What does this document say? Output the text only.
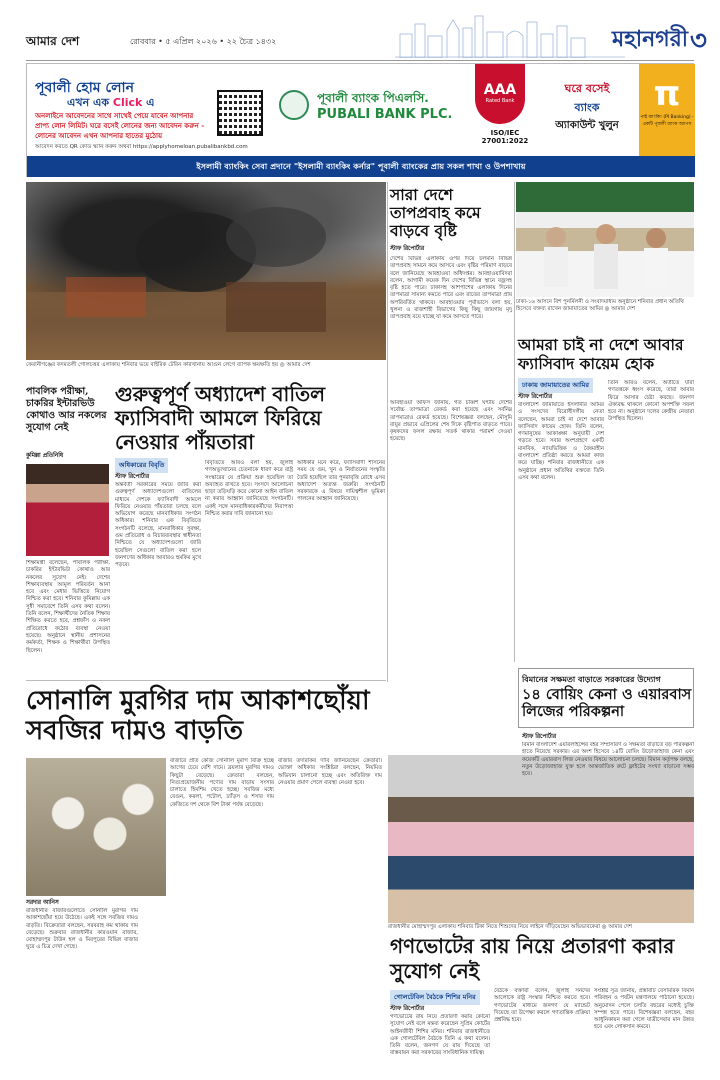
আমার দেশ	রোববার • ৫ এপ্রিল ২০২৬ • ২২ চৈত্র ১৪৩২	মহানগরী ৩
পূবালী হোম লোন
এখন এক Click এ
অনলাইনে আবেদনের সাথে সাথেই পেয়ে যাবেন আপনার
প্রাপ্য লোন লিমিট। ঘরে বসেই লোনের জন্য আবেদন করুন -
লোনের আবেদন এখন আপনার হাতের মুঠোয়
আবেদন করতে QR কোড স্ক্যান করুন অথবা https://applyhomeloan.pubalibankbd.com
পূবালী ব্যাংক পিএলসি.
PUBALI BANK PLC.
AAA
Rated Bank
ISO/IEC 27001:2022
ঘরে বসেই
ব্যাংক
অ্যাকাউন্ট খুলুন
π
পাই ব্যাংকিং (PI Banking) - একটি পূবালী ব্যাংক অ্যাপস
ইসলামী ব্যাংকিং সেবা প্রদানে "ইসলামী ব্যাংকিং কর্নার" পূবালী ব্যাংকের প্রায় সকল শাখা ও উপশাখায়
কেরানীগঞ্জের কদমতলী গোলচত্তর এলাকায় শনিবার ভয়ে বাইরিক টেরিন কারখানায় আগুন লেগে ব্যাপক ক্ষয়ক্ষতি হয় ◎ আমার দেশ
সারা দেশে তাপপ্রবাহ কমে বাড়বে বৃষ্টি
স্টাফ রিপোর্টার
দেশের বিভিন্ন এলাকায় ওপর দিয়ে চলমান বিভিন্ন তাপপ্রবাহ সামনে কমে আসবে এবং বৃষ্টির পরিমাণ বাড়বে বলে জানিয়েছে আবহাওয়া অধিদপ্তর। আবহাওয়াবিদরা বলেন, আগামী কয়েক দিন দেশের বিভিন্ন স্থানে বজ্রসহ বৃষ্টি হতে পারে। ঢাকাসহ আশপাশের এলাকায় দিনের তাপমাত্রা সামান্য কমতে পারে এবং রাতের তাপমাত্রা প্রায় অপরিবর্তিত থাকবে। আবহাওয়ার পূর্বাভাসে বলা হয়, খুলনা ও রাজশাহী বিভাগের কিছু কিছু জায়গায় মৃদু তাপপ্রবাহ বয়ে যাচ্ছে যা কমে আসতে পারে।
আবহাওয়া অফিস জানায়, গত চব্বিশ ঘণ্টায় দেশের সর্বোচ্চ তাপমাত্রা রেকর্ড করা হয়েছে এবং সর্বনিম্ন তাপমাত্রাও রেকর্ড হয়েছে। বিশেষজ্ঞরা বলছেন, মৌসুমি বায়ুর প্রভাবে এপ্রিলের শেষ দিকে বৃষ্টিপাত বাড়তে পারে। কৃষকদের ফসল রক্ষায় সতর্ক থাকার পরামর্শ দেওয়া হয়েছে।
ঢাকা-১৬ আসনে বিশ পুনর্মিলনী ও সংবাদমাধ্যম অনুষ্ঠানে শনিবার প্রধান অতিথি হিসেবে বক্তব্য রাখেন জামায়াতের আমির ◎ আমার দেশ
আমরা চাই না দেশে আবার ফ্যাসিবাদ কায়েম হোক
ঢাকায় জামায়াতের আমির
স্টাফ রিপোর্টার
বাংলাদেশ জামায়াতে ইসলামীর আমির ও সংসদের বিরোধীদলীয় নেতা বলেছেন, আমরা চাই না দেশে আবার ফ্যাসিবাদ কায়েম হোক। তিনি বলেন, গণমানুষের আকাঙ্ক্ষা অনুযায়ী দেশ গড়তে হবে। সবার অংশগ্রহণে একটি মানবিক, ন্যায়ভিত্তিক ও বৈষম্যহীন বাংলাদেশ প্রতিষ্ঠা করতে আমরা কাজ করে যাচ্ছি। শনিবার রাজধানীতে এক অনুষ্ঠানে প্রধান অতিথির বক্তব্যে তিনি এসব কথা বলেন।
তিনি আরও বলেন, অতীতে যারা গণতন্ত্রকে ধ্বংস করেছে, তারা আবার ফিরে আসার চেষ্টা করছে। জনগণ ঐক্যবদ্ধ থাকলে কোনো অপশক্তি সফল হবে না। অনুষ্ঠানে দলের কেন্দ্রীয় নেতারা উপস্থিত ছিলেন।
পাবলিক পরীক্ষা, চাকরির ইন্টারভিউ কোথাও আর নকলের সুযোগ নেই
কুমিল্লা প্রতিনিধি
শিক্ষামন্ত্রী বলেছেন, পাবলিক পরীক্ষা, চাকরির ইন্টারভিউ কোথাও আর নকলের সুযোগ নেই। দেশের শিক্ষাব্যবস্থায় আমূল পরিবর্তন আনা হবে এবং মেধার ভিত্তিতে নিয়োগ নিশ্চিত করা হবে। শনিবার কুমিল্লায় এক সুধী সমাবেশে তিনি এসব কথা বলেন। তিনি বলেন, শিক্ষার্থীদের নৈতিক শিক্ষায় শিক্ষিত করতে হবে, প্রশ্নফাঁস ও নকল প্রতিরোধে কঠোর ব্যবস্থা নেওয়া হয়েছে। অনুষ্ঠানে স্থানীয় প্রশাসনের কর্মকর্তা, শিক্ষক ও শিক্ষার্থীরা উপস্থিত ছিলেন।
গুরুত্বপূর্ণ অধ্যাদেশ বাতিল ফ্যাসিবাদী আমলে ফিরিয়ে নেওয়ার পাঁয়তারা
অধিকারের বিবৃতি
স্টাফ রিপোর্টার
অন্তর্বর্তী সরকারের সময়ে জারি করা গুরুত্বপূর্ণ অধ্যাদেশগুলো বাতিলের মাধ্যমে দেশকে ফ্যাসিবাদী আমলে ফিরিয়ে নেওয়ার পাঁয়তারা চলছে বলে অভিযোগ করেছে মানবাধিকার সংগঠন অধিকার। শনিবার এক বিবৃতিতে সংগঠনটি বলেছে, মানবাধিকার সুরক্ষা, গুম প্রতিরোধ ও বিচারব্যবস্থার স্বাধীনতা নিশ্চিতে যে অধ্যাদেশগুলো জারি হয়েছিল সেগুলো বাতিল করা হলে জনগণের অধিকার আবারও হুমকির মুখে পড়বে।
বিবৃতিতে আরও বলা হয়, জুলাই গণঅভ্যুত্থানের চেতনাকে ধারণ করে রাষ্ট্র সংস্কারের যে প্রক্রিয়া শুরু হয়েছিল তা অব্যাহত রাখতে হবে। সংসদে আলোচনা ছাড়া তড়িঘড়ি করে কোনো আইন বাতিল না করার আহ্বান জানিয়েছে সংগঠনটি। একই সঙ্গে মানবাধিকারকর্মীদের নিরাপত্তা নিশ্চিত করার দাবি জানানো হয়।
অধিকার মনে করে, ফ্যাসিবাদী শাসনের সময় যে গুম, খুন ও নির্যাতনের সংস্কৃতি তৈরি হয়েছিল তার পুনরাবৃত্তি রোধে এসব অধ্যাদেশ অত্যন্ত জরুরি। সংগঠনটি সরকারকে এ বিষয়ে দায়িত্বশীল ভূমিকা পালনের আহ্বান জানিয়েছে।
সোনালি মুরগির দাম আকাশছোঁয়া সবজির দামও বাড়তি
সরদার আনিস
রাজধানীর বাজারগুলোতে সোনালি মুরগির দাম আকাশছোঁয়া হয়ে উঠেছে। একই সঙ্গে সবজির দামও বাড়তি। বিক্রেতারা বলছেন, সরবরাহ কম থাকায় দাম বেড়েছে। শুক্রবার রাজধানীর কারওয়ান বাজার, মোহাম্মদপুর টাউন হল ও মিরপুরের বিভিন্ন বাজার ঘুরে এ চিত্র দেখা গেছে।
বাজারে প্রতি কেজি সোনালি মুরগি বিক্রি হচ্ছে আগের চেয়ে বেশি দামে। ব্রয়লার মুরগির দামও কিছুটা বেড়েছে। ক্রেতারা বলছেন, নিত্যপ্রয়োজনীয় পণ্যের দাম বাড়ায় সংসার চালাতে হিমশিম খেতে হচ্ছে। সবজির মধ্যে বেগুন, করলা, পটোল, ঢ্যাঁড়স ও শসার দাম কেজিতে দশ থেকে বিশ টাকা পর্যন্ত বেড়েছে।
বাজার তদারকির দাবি জানিয়েছেন ক্রেতারা। ভোক্তা অধিকার সংশ্লিষ্টরা বলছেন, নিয়মিত অভিযান চালানো হচ্ছে এবং অতিরিক্ত দাম নেওয়ার প্রমাণ পেলে ব্যবস্থা নেওয়া হবে।
রাজধানীর মোহাম্মদপুর এলাকায় শনিবার টিকা নিতে শিশুদের নিয়ে লাইনে দাঁড়িয়েছেন অভিভাবকেরা ◎ আমার দেশ
গণভোটের রায় নিয়ে প্রতারণা করার সুযোগ নেই
গোলটেবিল বৈঠকে শিশির মনির
স্টাফ রিপোর্টার
গণভোটের রায় নিয়ে প্রতারণা করার কোনো সুযোগ নেই বলে মন্তব্য করেছেন সুপ্রিম কোর্টের আইনজীবী শিশির মনির। শনিবার রাজধানীতে এক গোলটেবিল বৈঠকে তিনি এ কথা বলেন। তিনি বলেন, জনগণ যে রায় দিয়েছে তা বাস্তবায়ন করা সরকারের সাংবিধানিক দায়িত্ব।
বৈঠকে বক্তারা বলেন, জুলাই সনদের আলোকে রাষ্ট্র সংস্কার নিশ্চিত করতে হবে। গণভোটের মাধ্যমে জনগণ যে ম্যান্ডেট দিয়েছে তা উপেক্ষা করলে গণতান্ত্রিক প্রক্রিয়া প্রশ্নবিদ্ধ হবে।
বিমানের সক্ষমতা বাড়াতে সরকারের উদ্যোগ
১৪ বোয়িং কেনা ও এয়ারবাস লিজের পরিকল্পনা
স্টাফ রিপোর্টার
বিমান বাংলাদেশ এয়ারলাইন্সের বহর সম্প্রসারণ ও সক্ষমতা বাড়াতে বড় পরিকল্পনা হাতে নিয়েছে সরকার। এর অংশ হিসেবে ১৪টি বোয়িং উড়োজাহাজ কেনা এবং কয়েকটি এয়ারবাস লিজ নেওয়ার বিষয়ে আলোচনা চলছে। বিমান কর্তৃপক্ষ বলছে, নতুন উড়োজাহাজ যুক্ত হলে আন্তর্জাতিক রুটে ফ্লাইটের সংখ্যা বাড়ানো সম্ভব হবে।
সংশ্লিষ্ট সূত্র জানায়, প্রস্তাবটি বেসামরিক বিমান পরিবহন ও পর্যটন মন্ত্রণালয়ে পাঠানো হয়েছে। অনুমোদন পেলে চলতি বছরের মধ্যেই চুক্তি সম্পন্ন হতে পারে। বিশেষজ্ঞরা বলছেন, বহর আধুনিকায়ন করা গেলে যাত্রীসেবার মান উন্নত হবে এবং লোকসান কমবে।
